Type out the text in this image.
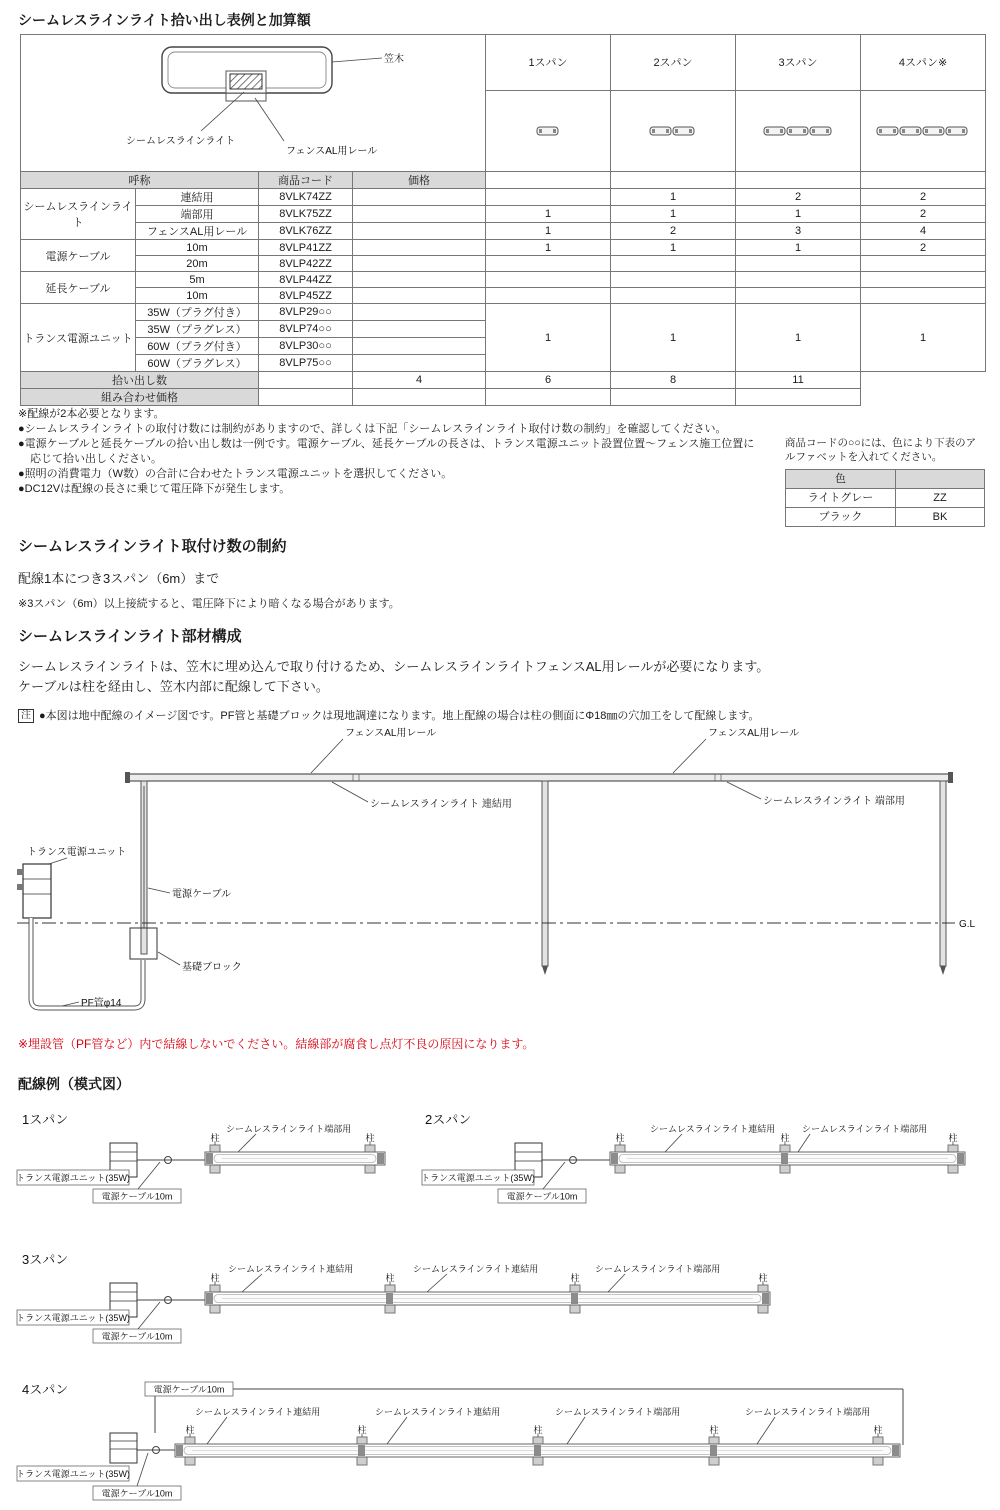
シームレスラインライト拾い出し表例と加算額
笠木
シームレスラインライト
フェンスAL用レール				1スパン	2スパン	3スパン	4スパン※

呼称		商品コード	価格				
シームレスラインライト	連結用	8VLK74ZZ			1	2	2
	端部用	8VLK75ZZ		1	1	1	2
	フェンスAL用レール	8VLK76ZZ		1	2	3	4
電源ケーブル	10m	8VLP41ZZ		1	1	1	2
	20m	8VLP42ZZ					
延長ケーブル	5m	8VLP44ZZ					
	10m	8VLP45ZZ					
トランス電源ユニット	35W（プラグ付き）	8VLP29○○		1	1	1	1
	35W（プラグレス）	8VLP74○○					
	60W（プラグ付き）	8VLP30○○					
	60W（プラグレス）	8VLP75○○					
拾い出し数			4	6	8	11	
組み合わせ価格							
※配線が2本必要となります。
●シームレスラインライトの取付け数には制約がありますので、詳しくは下記「シームレスラインライト取付け数の制約」を確認してください。
●電源ケーブルと延長ケーブルの拾い出し数は一例です。電源ケーブル、延長ケーブルの長さは、トランス電源ユニット設置位置〜フェンス施工位置に応じて拾い出しください。
●照明の消費電力（W数）の合計に合わせたトランス電源ユニットを選択してください。
●DC12Vは配線の長さに乗じて電圧降下が発生します。
商品コードの○○には、色により下表のアルファベットを入れてください。
色	
ライトグレー	ZZ
ブラック	BK
シームレスラインライト取付け数の制約
配線1本につき3スパン（6m）まで
※3スパン（6m）以上接続すると、電圧降下により暗くなる場合があります。
シームレスラインライト部材構成
シームレスラインライトは、笠木に埋め込んで取り付けるため、シームレスラインライトフェンスAL用レールが必要になります。
ケーブルは柱を経由し、笠木内部に配線して下さい。
注 ●本図は地中配線のイメージ図です。PF管と基礎ブロックは現地調達になります。地上配線の場合は柱の側面にΦ18㎜の穴加工をして配線します。
フェンスAL用レール	フェンスAL用レール
シームレスラインライト 連結用	シームレスラインライト 端部用
G.L
トランス電源ユニット
電源ケーブル
基礎ブロック
PF管φ14
※埋設管（PF管など）内で結線しないでください。結線部が腐食し点灯不良の原因になります。
配線例（模式図）
1スパン
トランス電源ユニット(35W)
電源ケーブル10m
シームレスラインライト端部用
柱	柱
2スパン
トランス電源ユニット(35W)
電源ケーブル10m
シームレスラインライト連結用	シームレスラインライト端部用
柱	柱	柱
3スパン
トランス電源ユニット(35W)
電源ケーブル10m
シームレスラインライト連結用	シームレスラインライト連結用	シームレスラインライト端部用
柱	柱	柱	柱
4スパン	電源ケーブル10m
シームレスラインライト連結用	シームレスラインライト連結用	シームレスラインライト端部用	シームレスラインライト端部用
柱	柱	柱	柱	柱
トランス電源ユニット(35W)
電源ケーブル10m
